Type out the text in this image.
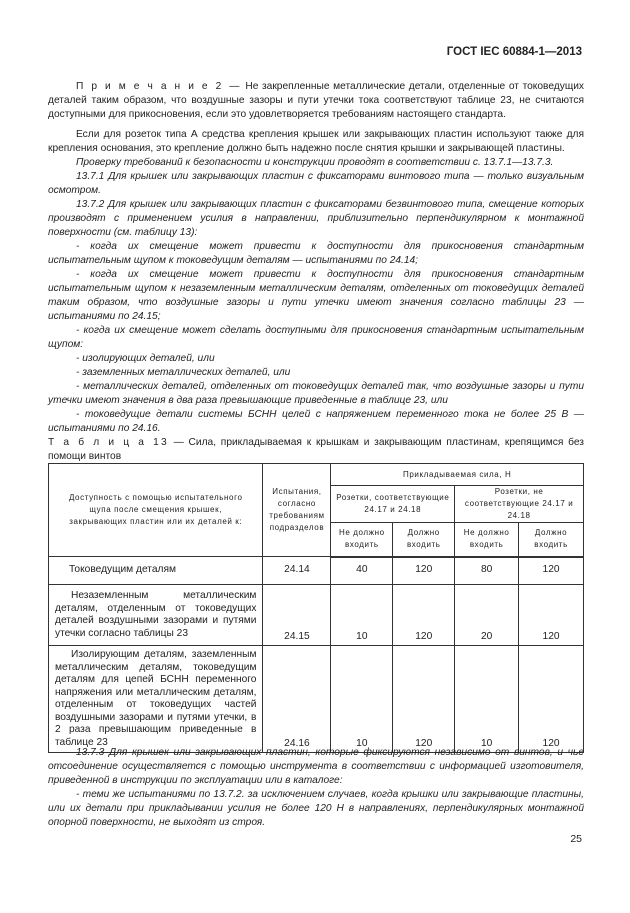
ГОСТ IEC 60884-1—2013

П р и м е ч а н и е 2 — Не закрепленные металлические детали, отделенные от токоведущих деталей таким образом, что воздушные зазоры и пути утечки тока соответствуют таблице 23, не считаются доступными для прикосновения, если это удовлетворяется требованиям настоящего стандарта.

Если для розеток типа А средства крепления крышек или закрывающих пластин используют также для крепления основания, это крепление должно быть надежно после снятия крышки и закрывающей пластины.

Проверку требований к безопасности и конструкции проводят в соответствии с. 13.7.1—13.7.3.

13.7.1 Для крышек или закрывающих пластин с фиксаторами винтового типа — только визуальным осмотром.

13.7.2 Для крышек или закрывающих пластин с фиксаторами безвинтового типа, смещение которых производят с применением усилия в направлении, приблизительно перпендикулярном к монтажной поверхности (см. таблицу 13):

- когда их смещение может привести к доступности для прикосновения стандартным испытательным щупом к токоведущим деталям — испытаниями по 24.14;

- когда их смещение может привести к доступности для прикосновения стандартным испытательным щупом к незаземленным металлическим деталям, отделенных от токоведущих деталей таким образом, что воздушные зазоры и пути утечки имеют значения согласно таблицы 23 — испытаниями по 24.15;

- когда их смещение может сделать доступными для прикосновения стандартным испытательным щупом:

- изолирующих деталей, или

- заземленных металлических деталей, или

- металлических деталей, отделенных от токоведущих деталей так, что воздушные зазоры и пути утечки имеют значения в два раза превышающие приведенные в таблице 23, или

- токоведущие детали системы БСНН целей с напряжением переменного тока не более 25 В — испытаниями по 24.16.

Т а б л и ц а 13 — Сила, прикладываемая к крышкам и закрывающим пластинам, крепящимся без помощи винтов
Доступность с помощью испытательного щупа после смещения крышек, закрывающих пластин или их деталей к:	Испытания, согласно требованиям подразделов	Прикладываемая сила, Н			
		Розетки, соответствующие 24.17 и 24.18		Розетки, не соответствующие 24.17 и 24.18	
		Не должно входить	Должно входить	Не должно входить	Должно входить
Токоведущим деталям	24.14	40	120	80	120
Незаземленным металлическим деталям, отделенным от токоведущих деталей воздушными зазорами и путями утечки согласно таблицы 23	24.15	10	120	20	120
Изолирующим деталям, заземленным металлическим деталям, токоведущим деталям для цепей БСНН переменного напряжения или металлическим деталям, отделенным от токоведущих частей воздушными зазорами и путями утечки, в 2 раза превышающим приведенные в таблице 23	24.16	10	120	10	120

13.7.3 Для крышек или закрывающих пластин, которые фиксируются независимо от винтов, и чье отсоединение осуществляется с помощью инструмента в соответствии с информацией изготовителя, приведенной в инструкции по эксплуатации или в каталоге:

- теми же испытаниями по 13.7.2. за исключением случаев, когда крышки или закрывающие пластины, или их детали при прикладывании усилия не более 120 Н в направлениях, перпендикулярных монтажной опорной поверхности, не выходят из строя.

25
